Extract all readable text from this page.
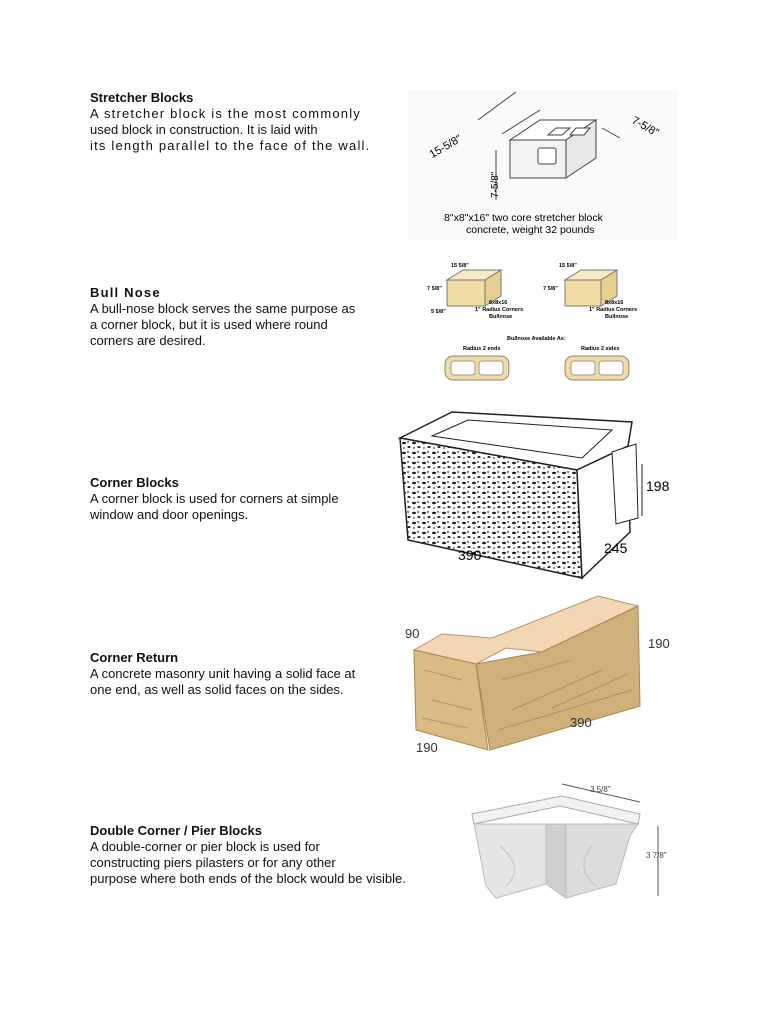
Stretcher Blocks

A stretcher block is the most commonly

used block in construction. It is laid with

its length parallel to the face of the wall.	15-5/8"
7-5/8"
7-5/8"
8"x8"x16" two core stretcher block
concrete, weight 32 pounds
Bull Nose

A bull-nose block serves the same purpose as

a corner block, but it is used where round

corners are desired.

15 5/8"
7 5/8"
5 5/8"
6x8x16
1" Radius Corners
Bullnose
15 5/8"
7 5/8"
8x8x16
1" Radius Corners
Bullnose
Bullnose Available As:
Radius 2 ends	Radius 2 sides
Corner Blocks

A corner block is used for corners at simple

window and door openings.

198
390	245
Corner Return

A concrete masonry unit having a solid face at

one end, as well as solid faces on the sides.

90
190
390
190
Double Corner / Pier Blocks

A double-corner or pier block is used for

constructing piers pilasters or for any other

purpose where both ends of the block would be visible.

3 5/8"
3 7/8"
